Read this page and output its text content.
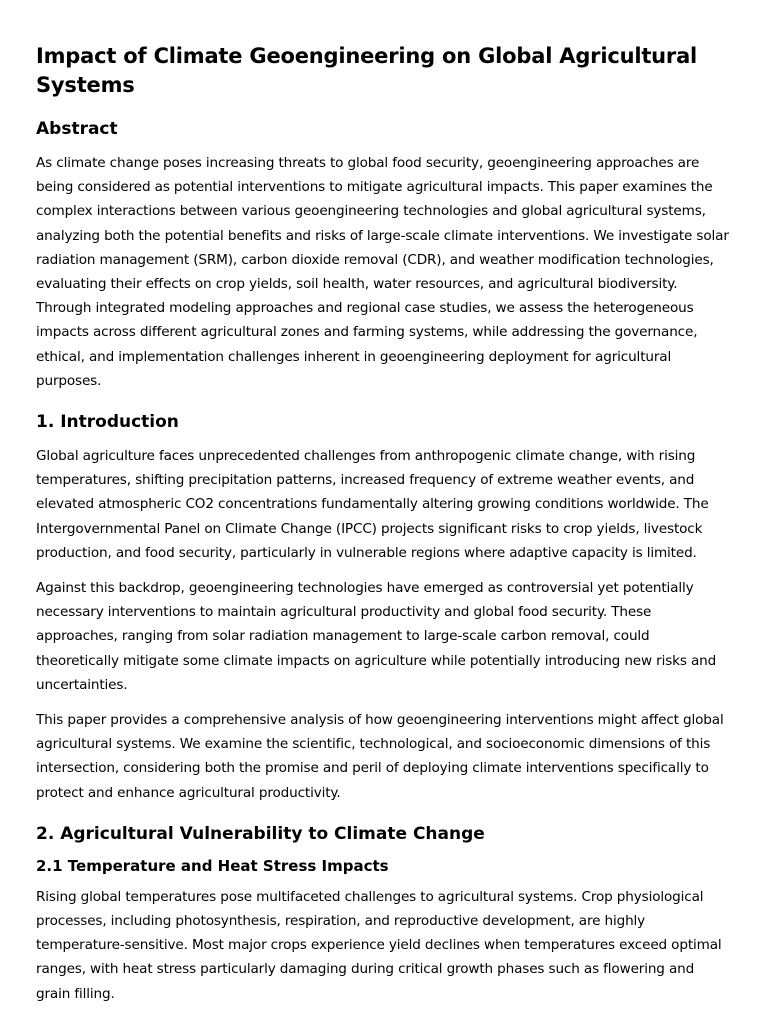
Impact of Climate Geoengineering on Global Agricultural Systems
Abstract

As climate change poses increasing threats to global food security, geoengineering approaches are being considered as potential interventions to mitigate agricultural impacts. This paper examines the complex interactions between various geoengineering technologies and global agricultural systems, analyzing both the potential benefits and risks of large-scale climate interventions. We investigate solar radiation management (SRM), carbon dioxide removal (CDR), and weather modification technologies, evaluating their effects on crop yields, soil health, water resources, and agricultural biodiversity. Through integrated modeling approaches and regional case studies, we assess the heterogeneous impacts across different agricultural zones and farming systems, while addressing the governance, ethical, and implementation challenges inherent in geoengineering deployment for agricultural purposes.

1. Introduction

Global agriculture faces unprecedented challenges from anthropogenic climate change, with rising temperatures, shifting precipitation patterns, increased frequency of extreme weather events, and elevated atmospheric CO2 concentrations fundamentally altering growing conditions worldwide. The Intergovernmental Panel on Climate Change (IPCC) projects significant risks to crop yields, livestock production, and food security, particularly in vulnerable regions where adaptive capacity is limited.

Against this backdrop, geoengineering technologies have emerged as controversial yet potentially necessary interventions to maintain agricultural productivity and global food security. These approaches, ranging from solar radiation management to large-scale carbon removal, could theoretically mitigate some climate impacts on agriculture while potentially introducing new risks and uncertainties.

This paper provides a comprehensive analysis of how geoengineering interventions might affect global agricultural systems. We examine the scientific, technological, and socioeconomic dimensions of this intersection, considering both the promise and peril of deploying climate interventions specifically to protect and enhance agricultural productivity.

2. Agricultural Vulnerability to Climate Change
2.1 Temperature and Heat Stress Impacts

Rising global temperatures pose multifaceted challenges to agricultural systems. Crop physiological processes, including photosynthesis, respiration, and reproductive development, are highly temperature-sensitive. Most major crops experience yield declines when temperatures exceed optimal ranges, with heat stress particularly damaging during critical growth phases such as flowering and grain filling.
